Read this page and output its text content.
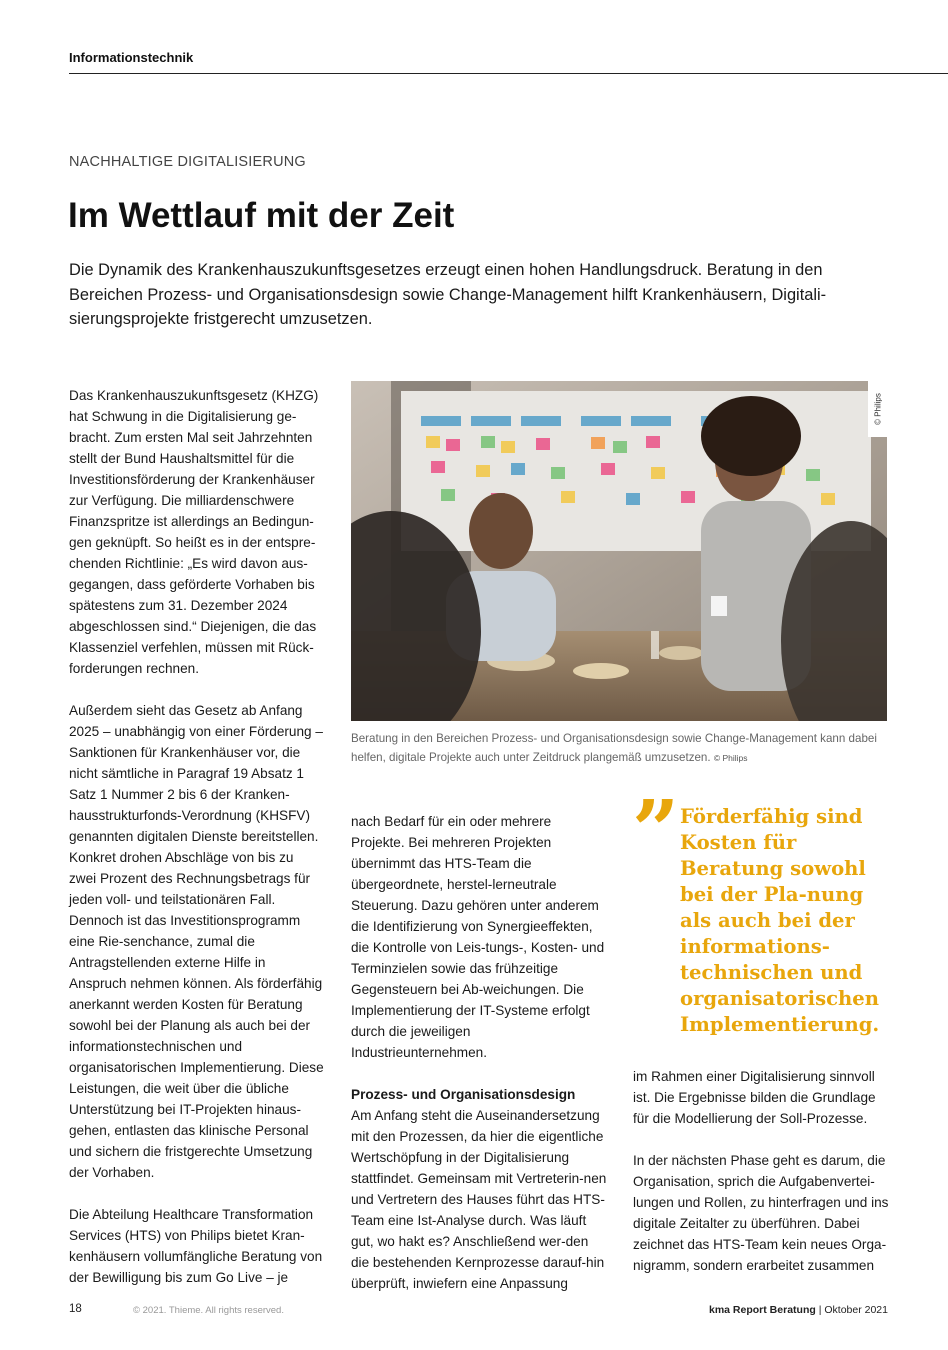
Informationstechnik
NACHHALTIGE DIGITALISIERUNG
Im Wettlauf mit der Zeit

Die Dynamik des Krankenhauszukunftsgesetzes erzeugt einen hohen Handlungsdruck. Beratung in den Bereichen Prozess- und Organisationsdesign sowie Change-Management hilft Krankenhäusern, Digitali-sierungsprojekte fristgerecht umzusetzen.

Das Krankenhauszukunftsgesetz (KHZG) hat Schwung in die Digitalisierung ge-bracht. Zum ersten Mal seit Jahrzehnten stellt der Bund Haushaltsmittel für die Investitionsförderung der Krankenhäuser zur Verfügung. Die milliardenschwere Finanzspritze ist allerdings an Bedingun-gen geknüpft. So heißt es in der entspre-chenden Richtlinie: „Es wird davon aus-gegangen, dass geförderte Vorhaben bis spätestens zum 31. Dezember 2024 abgeschlossen sind.“ Diejenigen, die das Klassenziel verfehlen, müssen mit Rück-forderungen rechnen.

Außerdem sieht das Gesetz ab Anfang 2025 – unabhängig von einer Förderung – Sanktionen für Krankenhäuser vor, die nicht sämtliche in Paragraf 19 Absatz 1 Satz 1 Nummer 2 bis 6 der Kranken-hausstrukturfonds-Verordnung (KHSFV) genannten digitalen Dienste bereitstellen. Konkret drohen Abschläge von bis zu zwei Prozent des Rechnungsbetrags für jeden voll- und teilstationären Fall. Dennoch ist das Investitionsprogramm eine Rie-senchance, zumal die Antragstellenden externe Hilfe in Anspruch nehmen können. Als förderfähig anerkannt werden Kosten für Beratung sowohl bei der Planung als auch bei der informationstechnischen und organisatorischen Implementierung. Diese Leistungen, die weit über die übliche Unterstützung bei IT-Projekten hinaus-gehen, entlasten das klinische Personal und sichern die fristgerechte Umsetzung der Vorhaben.

Die Abteilung Healthcare Transformation Services (HTS) von Philips bietet Kran-kenhäusern vollumfängliche Beratung von der Bewilligung bis zum Go Live – je

© Philips
Beratung in den Bereichen Prozess- und Organisationsdesign sowie Change-Management kann dabei helfen, digitale Projekte auch unter Zeitdruck plangemäß umzusetzen. © Philips

nach Bedarf für ein oder mehrere Projekte. Bei mehreren Projekten übernimmt das HTS-Team die übergeordnete, herstel-lerneutrale Steuerung. Dazu gehören unter anderem die Identifizierung von Synergieeffekten, die Kontrolle von Leis-tungs-, Kosten- und Terminzielen sowie das frühzeitige Gegensteuern bei Ab-weichungen. Die Implementierung der IT-Systeme erfolgt durch die jeweiligen Industrieunternehmen.

Prozess- und Organisationsdesign

Am Anfang steht die Auseinandersetzung mit den Prozessen, da hier die eigentliche Wertschöpfung in der Digitalisierung stattfindet. Gemeinsam mit Vertreterin-nen und Vertretern des Hauses führt das HTS-Team eine Ist-Analyse durch. Was läuft gut, wo hakt es? Anschließend wer-den die bestehenden Kernprozesse darauf-hin überprüft, inwiefern eine Anpassung

” Förderfähig sind Kosten für Beratung sowohl bei der Pla-nung als auch bei der informations-technischen und organisatorischen Implementierung.

im Rahmen einer Digitalisierung sinnvoll ist. Die Ergebnisse bilden die Grundlage für die Modellierung der Soll-Prozesse.

In der nächsten Phase geht es darum, die Organisation, sprich die Aufgabenvertei-lungen und Rollen, zu hinterfragen und ins digitale Zeitalter zu überführen. Dabei zeichnet das HTS-Team kein neues Orga-nigramm, sondern erarbeitet zusammen

18	© 2021. Thieme. All rights reserved.	kma Report Beratung | Oktober 2021
